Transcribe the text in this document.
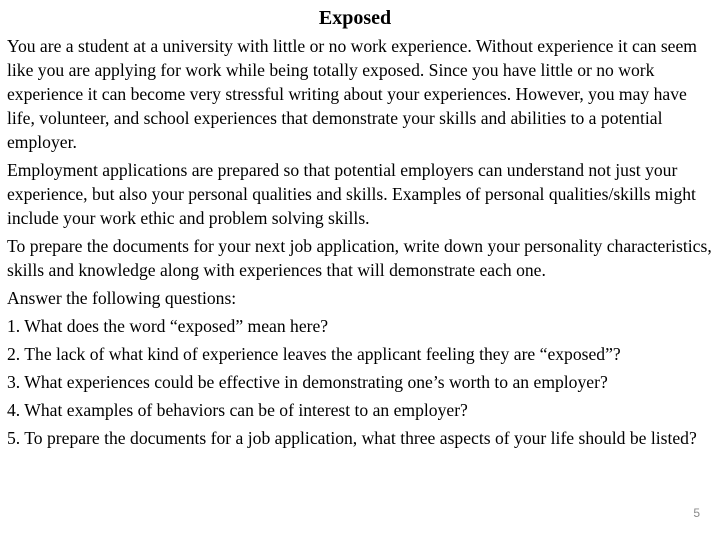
Exposed

You are a student at a university with little or no work experience. Without experience it can seem like you are applying for work while being totally exposed. Since you have little or no work experience it can become very stressful writing about your experiences. However, you may have life, volunteer, and school experiences that demonstrate your skills and abilities to a potential employer.

Employment applications are prepared so that potential employers can understand not just your experience, but also your personal qualities and skills. Examples of personal qualities/skills might include your work ethic and problem solving skills.

To prepare the documents for your next job application, write down your personality characteristics, skills and knowledge along with experiences that will demonstrate each one.

Answer the following questions:

1. What does the word “exposed” mean here?

2. The lack of what kind of experience leaves the applicant feeling they are “exposed”?

3. What experiences could be effective in demonstrating one’s worth to an employer?

4. What examples of behaviors can be of interest to an employer?

5. To prepare the documents for a job application, what three aspects of your life should be listed?

5
